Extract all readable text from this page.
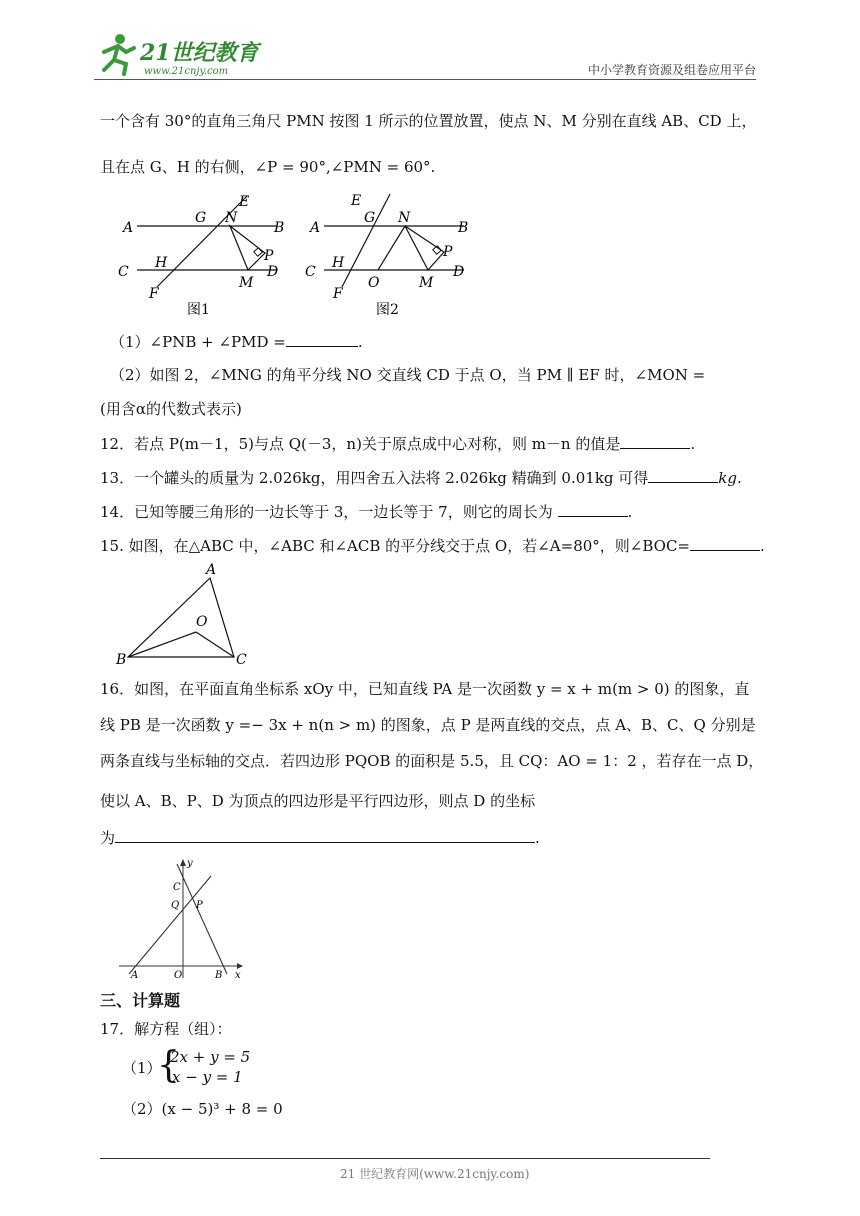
21世纪教育
www.21cnjy.com	中小学教育资源及组卷应用平台
一个含有 30°的直角三角尺 PMN 按图 1 所示的位置放置，使点 N、M 分别在直线 AB、CD 上，
且在点 G、H 的右侧，∠P = 90°,∠PMN = 60°.
A	B
C	D
E
F
G
H
N
M
P
图1
A	B
C	D
E
F
G
H
N
O	M
P
图2
（1）∠PNB + ∠PMD =	.
（2）如图 2，∠MNG 的角平分线 NO 交直线 CD 于点 O，当 PM ∥ EF 时，∠MON =
(用含α的代数式表示)
12．若点 P(m－1，5)与点 Q(－3，n)关于原点成中心对称，则 m－n 的值是	.
13．一个罐头的质量为 2.026kg，用四舍五入法将 2.026kg 精确到 0.01kg 可得	kg.
14．已知等腰三角形的一边长等于 3，一边长等于 7，则它的周长为	.
15. 如图，在△ABC 中，∠ABC 和∠ACB 的平分线交于点 O，若∠A=80°，则∠BOC=	.
A
B	C
O
16．如图，在平面直角坐标系 xOy 中，已知直线 PA 是一次函数 y = x + m(m > 0) 的图象，直
线 PB 是一次函数 y =− 3x + n(n > m) 的图象，点 P 是两直线的交点，点 A、B、C、Q 分别是
两条直线与坐标轴的交点．若四边形 PQOB 的面积是 5.5，且 CQ：AO = 1：2 ，若存在一点 D，
使以 A、B、P、D 为顶点的四边形是平行四边形，则点 D 的坐标
为	.
y
x
C
Q P
A	O	B
三、计算题
17．解方程（组）：
（1）
{
2x + y = 5
x − y = 1
（2）(x − 5)³ + 8 = 0
21 世纪教育网(www.21cnjy.com)
